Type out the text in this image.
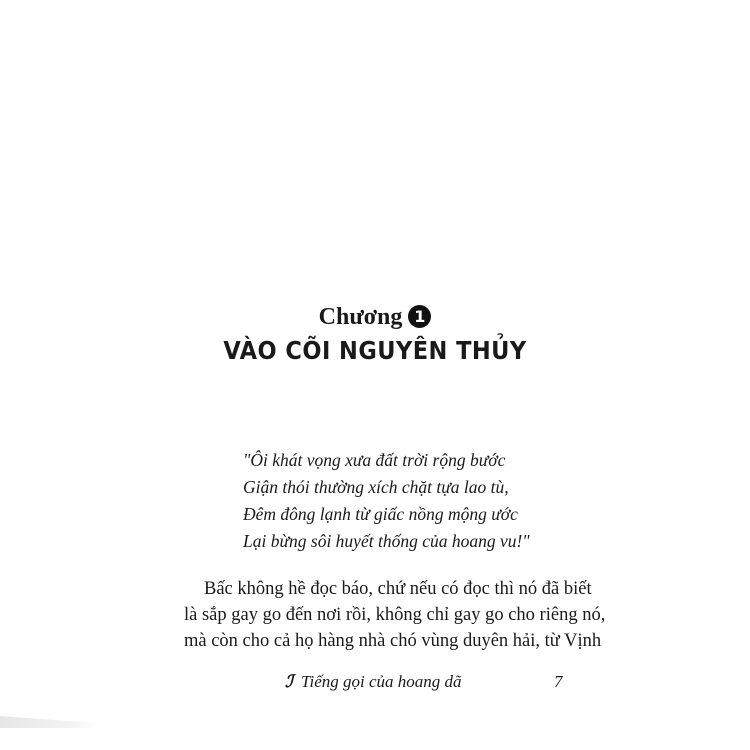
Chương 1
VÀO CÕI NGUYÊN THỦY
"Ôi khát vọng xưa đất trời rộng bước
Giận thói thường xích chặt tựa lao tù,
Đêm đông lạnh từ giấc nồng mộng ước
Lại bừng sôi huyết thống của hoang vu!"
Bấc không hề đọc báo, chứ nếu có đọc thì nó đã biết
là sắp gay go đến nơi rồi, không chỉ gay go cho riêng nó,
mà còn cho cả họ hàng nhà chó vùng duyên hải, từ Vịnh
ℐ Tiếng gọi của hoang dã	7
